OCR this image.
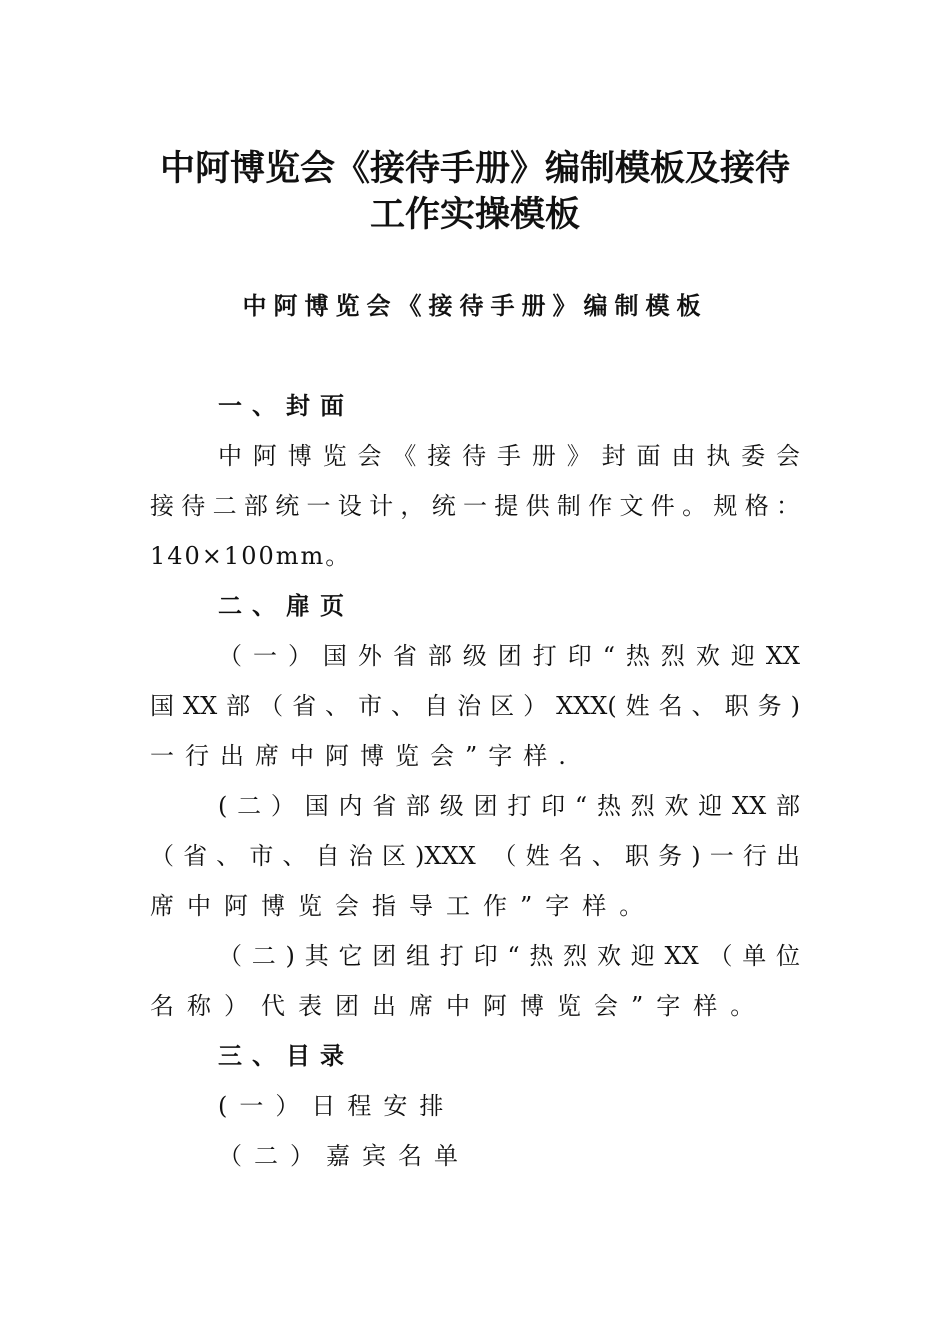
中阿博览会《接待手册》编制模板及接待
工作实操模板
中阿博览会《接待手册》编制模板

一、封面

中阿博览会《接待手册》封面由执委会

接待二部统一设计，统一提供制作文件。规格：

140×100mm。

二、扉页

（一）国外省部级团打印“热烈欢迎XX

国XX部（省、市、自治区）XXX(姓名、职务)

一行出席中阿博览会”字样.

(二）国内省部级团打印“热烈欢迎XX部

（省、市、自治区)XXX （姓名、职务)一行出

席中阿博览会指导工作”字样。

（二)其它团组打印“热烈欢迎XX（单位

名称）代表团出席中阿博览会”字样。

三、目录

(一）日程安排

（二）嘉宾名单
